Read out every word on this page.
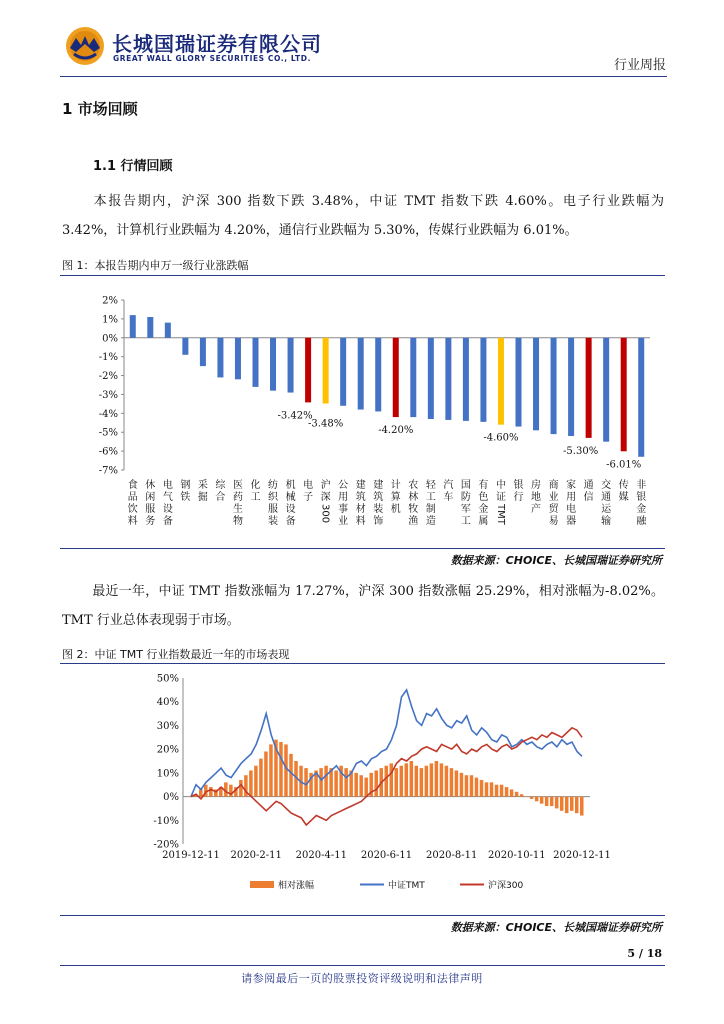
长城国瑞证券有限公司
GREAT WALL GLORY SECURITIES CO., LTD.	行业周报
1 市场回顾
1.1 行情回顾
本报告期内，沪深 300 指数下跌 3.48%，中证 TMT 指数下跌 4.60%。电子行业跌幅为 3.42%，计算机行业跌幅为 4.20%，通信行业跌幅为 5.30%，传媒行业跌幅为 6.01%。
图 1：本报告期内申万一级行业涨跌幅
2%
1%
0%
-1%
-2%
-3%
-4%
-5%
-6%
-7%
食
品
饮
料
休
闲
服
务
电
气
设
备
钢
铁
采
掘
综
合
医
药
生
物
化
工
纺
织
服
装
机
械
设
备
电
子
沪
深
300
公
用
事
业
建
筑
材
料
建
筑
装
饰
计
算
机
农
林
牧
渔
轻
工
制
造
汽
车
国
防
军
工
有
色
金
属
中
证
TMT
银
行
房
地
产
商
业
贸
易
家
用
电
器
通
信
交
通
运
输
传
媒
非
银
金
融
-3.42%
-3.48%
-4.20%
-4.60%
-5.30%
-6.01%
数据来源：CHOICE、长城国瑞证券研究所
最近一年，中证 TMT 指数涨幅为 17.27%，沪深 300 指数涨幅 25.29%，相对涨幅为-8.02%。TMT 行业总体表现弱于市场。
图 2：中证 TMT 行业指数最近一年的市场表现
50%
40%
30%
20%
10%
0%
-10%
-20%
2019-12-11 2020-2-11 2020-4-11 2020-6-11 2020-8-11 2020-10-11 2020-12-11
相对涨幅	中证TMT	沪深300
数据来源：CHOICE、长城国瑞证券研究所
5 / 18
请参阅最后一页的股票投资评级说明和法律声明
